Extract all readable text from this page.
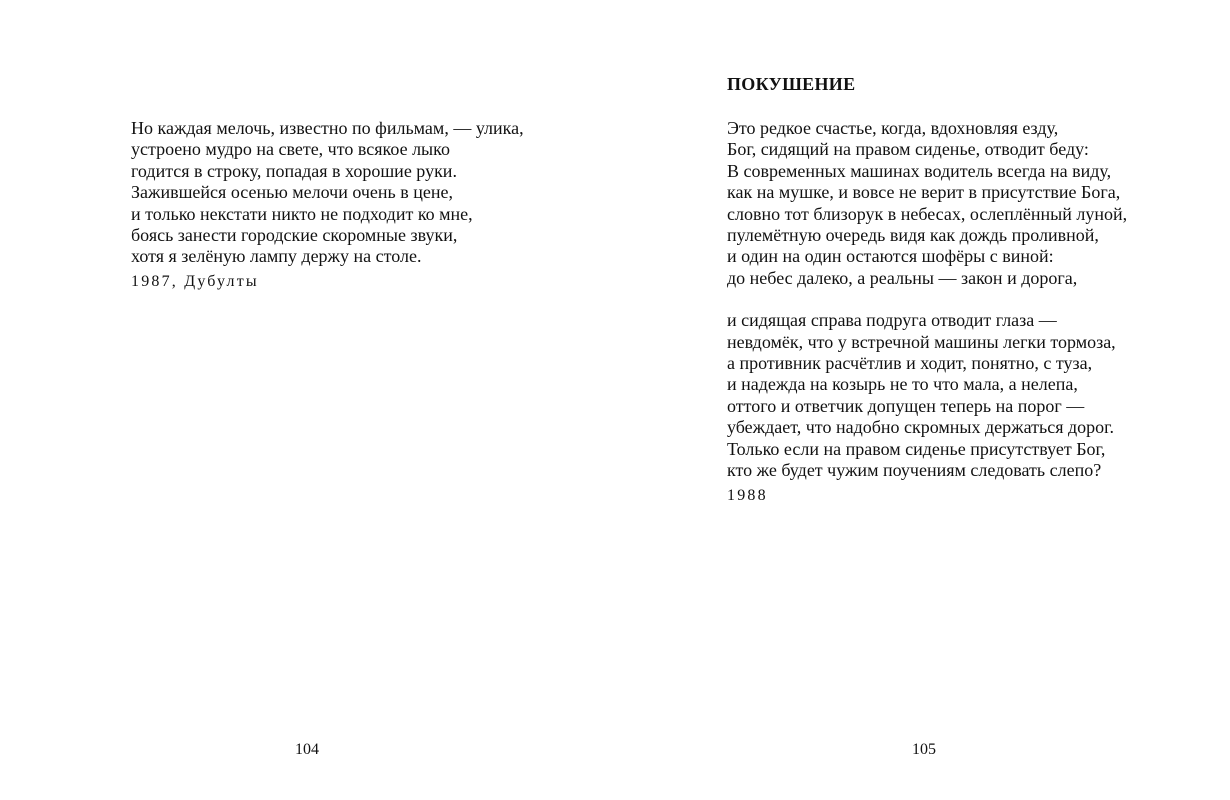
Но каждая мелочь, известно по фильмам, — улика,
устроено мудро на свете, что всякое лыко
годится в строку, попадая в хорошие руки.
Зажившейся осенью мелочи очень в цене,
и только некстати никто не подходит ко мне,
боясь занести городские скоромные звуки,
хотя я зелёную лампу держу на столе.
1987, Дубулты
104
ПОКУШЕНИЕ
Это редкое счастье, когда, вдохновляя езду,
Бог, сидящий на правом сиденье, отводит беду:
В современных машинах водитель всегда на виду,
как на мушке, и вовсе не верит в присутствие Бога,
словно тот близорук в небесах, ослеплённый луной,
пулемётную очередь видя как дождь проливной,
и один на один остаются шофёры с виной:
до небес далеко, а реальны — закон и дорога,
и сидящая справа подруга отводит глаза —
невдомёк, что у встречной машины легки тормоза,
а противник расчётлив и ходит, понятно, с туза,
и надежда на козырь не то что мала, а нелепа,
оттого и ответчик допущен теперь на порог —
убеждает, что надобно скромных держаться дорог.
Только если на правом сиденье присутствует Бог,
кто же будет чужим поучениям следовать слепо?
1988
105
